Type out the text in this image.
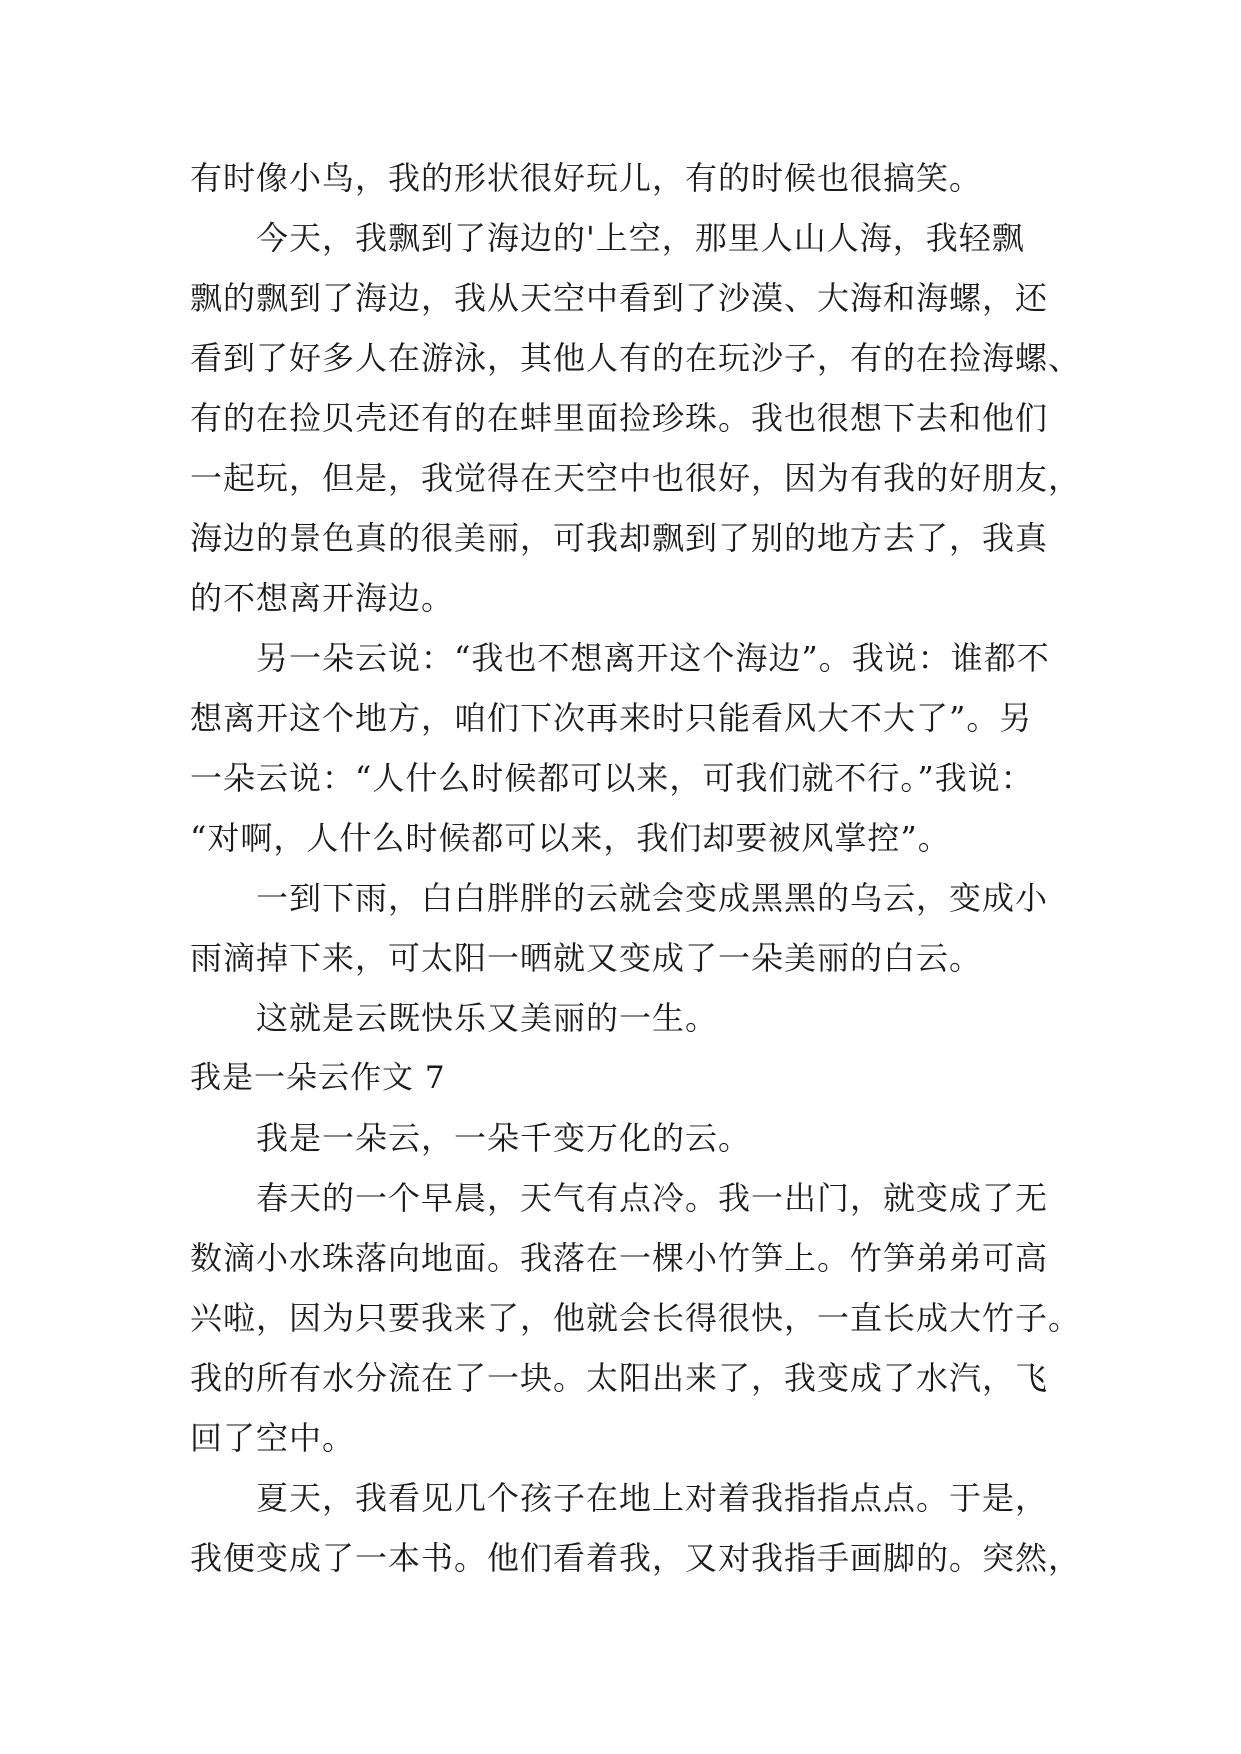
有时像小鸟，我的形状很好玩儿，有的时候也很搞笑。
今天，我飘到了海边的'上空，那里人山人海，我轻飘
飘的飘到了海边，我从天空中看到了沙漠、大海和海螺，还
看到了好多人在游泳，其他人有的在玩沙子，有的在捡海螺、
有的在捡贝壳还有的在蚌里面捡珍珠。我也很想下去和他们
一起玩，但是，我觉得在天空中也很好，因为有我的好朋友，
海边的景色真的很美丽，可我却飘到了别的地方去了，我真
的不想离开海边。
另一朵云说：“我也不想离开这个海边”。我说：谁都不
想离开这个地方，咱们下次再来时只能看风大不大了”。另
一朵云说：“人什么时候都可以来，可我们就不行。”我说：
“对啊，人什么时候都可以来，我们却要被风掌控”。
一到下雨，白白胖胖的云就会变成黑黑的乌云，变成小
雨滴掉下来，可太阳一晒就又变成了一朵美丽的白云。
这就是云既快乐又美丽的一生。
我是一朵云作文 7
我是一朵云，一朵千变万化的云。
春天的一个早晨，天气有点冷。我一出门，就变成了无
数滴小水珠落向地面。我落在一棵小竹笋上。竹笋弟弟可高
兴啦，因为只要我来了，他就会长得很快，一直长成大竹子。
我的所有水分流在了一块。太阳出来了，我变成了水汽，飞
回了空中。
夏天，我看见几个孩子在地上对着我指指点点。于是，
我便变成了一本书。他们看着我，又对我指手画脚的。突然，
